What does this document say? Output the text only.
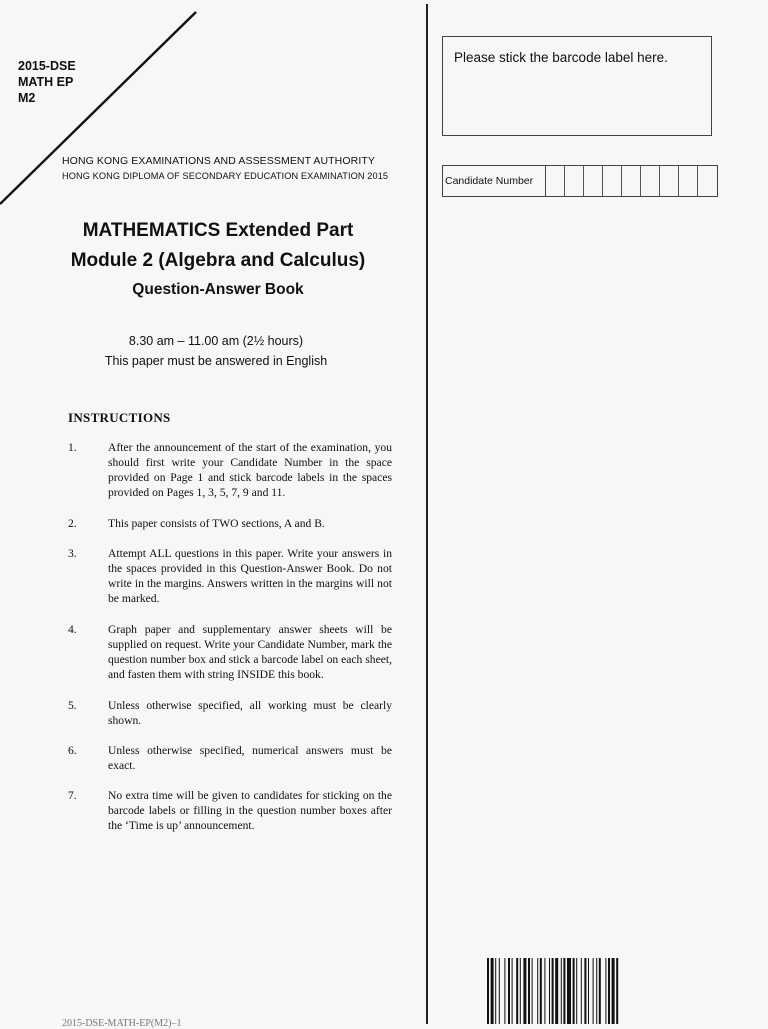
2015-DSE
MATH EP
M2
HONG KONG EXAMINATIONS AND ASSESSMENT AUTHORITY
HONG KONG DIPLOMA OF SECONDARY EDUCATION EXAMINATION 2015
MATHEMATICS Extended Part
Module 2 (Algebra and Calculus)
Question-Answer Book
8.30 am – 11.00 am (2½ hours)
This paper must be answered in English
INSTRUCTIONS
1.	After the announcement of the start of the examination, you should first write your Candidate Number in the space provided on Page 1 and stick barcode labels in the spaces provided on Pages 1, 3, 5, 7, 9 and 11.
2.	This paper consists of TWO sections, A and B.
3.	Attempt ALL questions in this paper. Write your answers in the spaces provided in this Question-Answer Book. Do not write in the margins. Answers written in the margins will not be marked.
4.	Graph paper and supplementary answer sheets will be supplied on request. Write your Candidate Number, mark the question number box and stick a barcode label on each sheet, and fasten them with string INSIDE this book.
5.	Unless otherwise specified, all working must be clearly shown.
6.	Unless otherwise specified, numerical answers must be exact.
7.	No extra time will be given to candidates for sticking on the barcode labels or filling in the question number boxes after the ‘Time is up’ announcement.
Please stick the barcode label here.
Candidate Number
2015-DSE-MATH-EP(M2)–1
